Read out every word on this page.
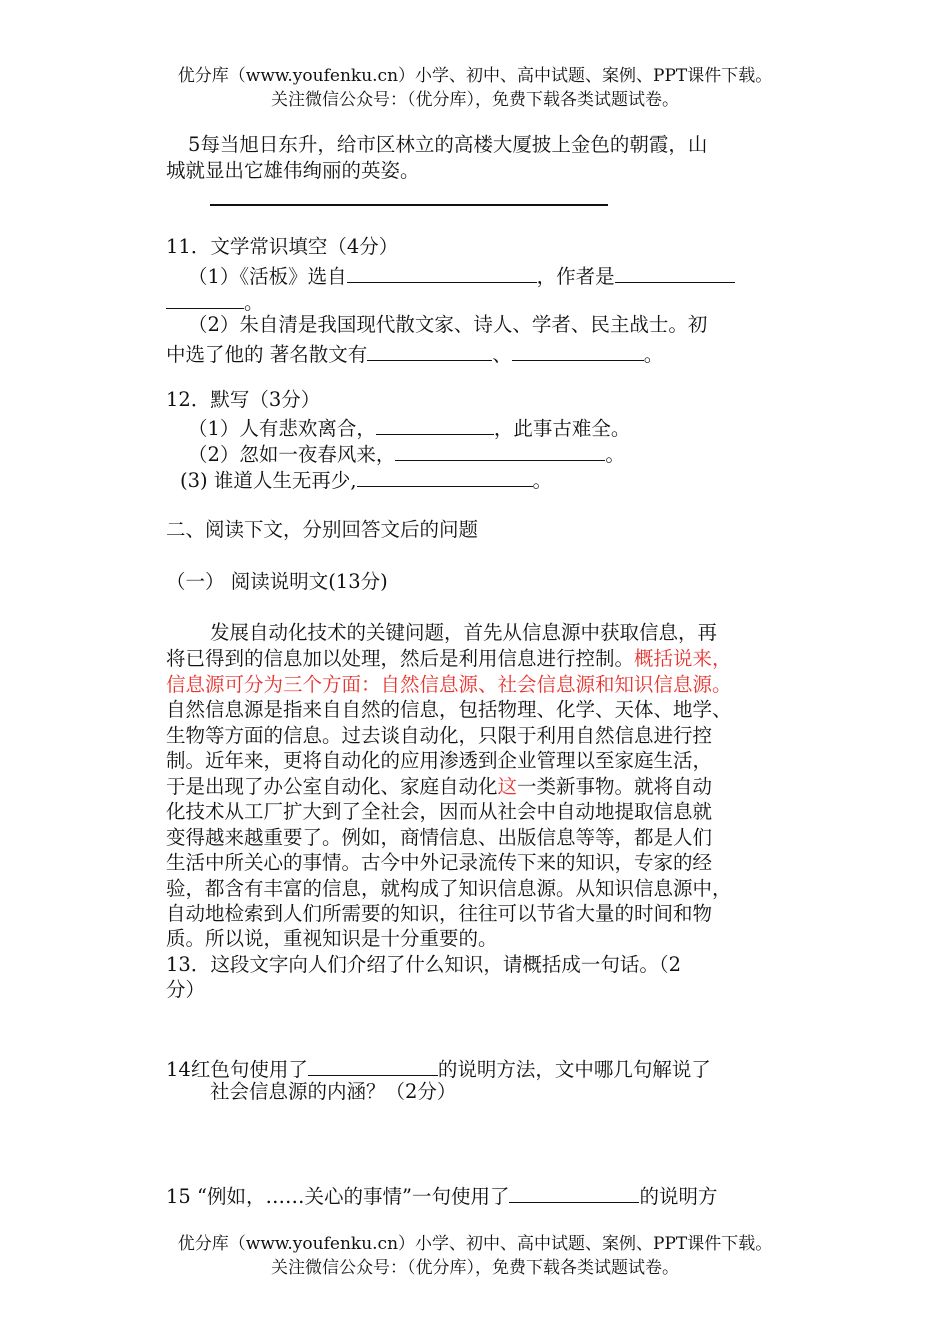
优分库（www.youfenku.cn）小学、初中、高中试题、案例、PPT课件下载。
关注微信公众号：（优分库），免费下载各类试题试卷。
5每当旭日东升，给市区林立的高楼大厦披上金色的朝霞，山
城就显出它雄伟绚丽的英姿。
11．文学常识填空（4分）
（1）《活板》选自	，作者是
。
（2）朱自清是我国现代散文家、诗人、学者、民主战士。初
中选了他的 著名散文有	、	。
12．默写（3分）
（1）人有悲欢离合，	，此事古难全。
（2）忽如一夜春风来，	。
(3) 谁道人生无再少,	。
二、阅读下文，分别回答文后的问题
（一） 阅读说明文(13分)
发展自动化技术的关键问题，首先从信息源中获取信息，再
将已得到的信息加以处理，然后是利用信息进行控制。概括说来，
信息源可分为三个方面：自然信息源、社会信息源和知识信息源。
自然信息源是指来自自然的信息，包括物理、化学、天体、地学、
生物等方面的信息。过去谈自动化，只限于利用自然信息进行控
制。近年来，更将自动化的应用渗透到企业管理以至家庭生活，
于是出现了办公室自动化、家庭自动化这一类新事物。就将自动
化技术从工厂扩大到了全社会，因而从社会中自动地提取信息就
变得越来越重要了。例如，商情信息、出版信息等等，都是人们
生活中所关心的事情。古今中外记录流传下来的知识，专家的经
验，都含有丰富的信息，就构成了知识信息源。从知识信息源中，
自动地检索到人们所需要的知识，往往可以节省大量的时间和物
质。所以说，重视知识是十分重要的。
13．这段文字向人们介绍了什么知识，请概括成一句话。（2
分）
14红色句使用了	的说明方法，文中哪几句解说了
社会信息源的内涵？（2分）
15 “例如，……关心的事情”一句使用了	的说明方
优分库（www.youfenku.cn）小学、初中、高中试题、案例、PPT课件下载。
关注微信公众号：（优分库），免费下载各类试题试卷。
